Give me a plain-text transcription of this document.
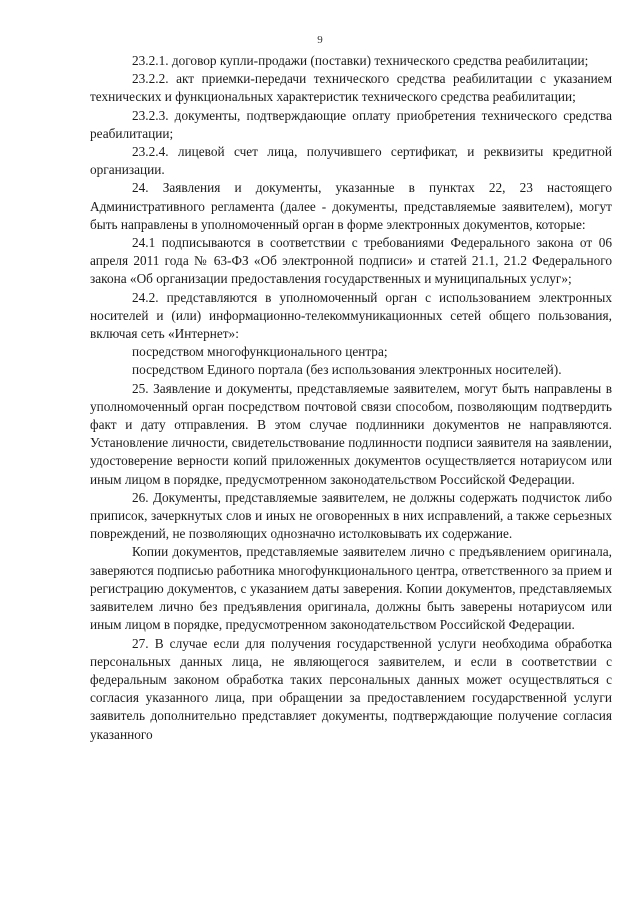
9

23.2.1. договор купли-продажи (поставки) технического средства реабилитации;

23.2.2. акт приемки-передачи технического средства реабилитации с указанием технических и функциональных характеристик технического средства реабилитации;

23.2.3. документы, подтверждающие оплату приобретения технического средства реабилитации;

23.2.4. лицевой счет лица, получившего сертификат, и реквизиты кредитной организации.

24. Заявления и документы, указанные в пунктах 22, 23 настоящего Административного регламента (далее - документы, представляемые заявителем), могут быть направлены в уполномоченный орган в форме электронных документов, которые:

24.1 подписываются в соответствии с требованиями Федерального закона от 06 апреля 2011 года № 63-ФЗ «Об электронной подписи» и статей 21.1, 21.2 Федерального закона «Об организации предоставления государственных и муниципальных услуг»;

24.2. представляются в уполномоченный орган с использованием электронных носителей и (или) информационно-телекоммуникационных сетей общего пользования, включая сеть «Интернет»:

посредством многофункционального центра;

посредством Единого портала (без использования электронных носителей).

25. Заявление и документы, представляемые заявителем, могут быть направлены в уполномоченный орган посредством почтовой связи способом, позволяющим подтвердить факт и дату отправления. В этом случае подлинники документов не направляются. Установление личности, свидетельствование подлинности подписи заявителя на заявлении, удостоверение верности копий приложенных документов осуществляется нотариусом или иным лицом в порядке, предусмотренном законодательством Российской Федерации.

26. Документы, представляемые заявителем, не должны содержать подчисток либо приписок, зачеркнутых слов и иных не оговоренных в них исправлений, а также серьезных повреждений, не позволяющих однозначно истолковывать их содержание.

Копии документов, представляемые заявителем лично с предъявлением оригинала, заверяются подписью работника многофункционального центра, ответственного за прием и регистрацию документов, с указанием даты заверения. Копии документов, представляемых заявителем лично без предъявления оригинала, должны быть заверены нотариусом или иным лицом в порядке, предусмотренном законодательством Российской Федерации.

27. В случае если для получения государственной услуги необходима обработка персональных данных лица, не являющегося заявителем, и если в соответствии с федеральным законом обработка таких персональных данных может осуществляться с согласия указанного лица, при обращении за предоставлением государственной услуги заявитель дополнительно представляет документы, подтверждающие получение согласия указанного
